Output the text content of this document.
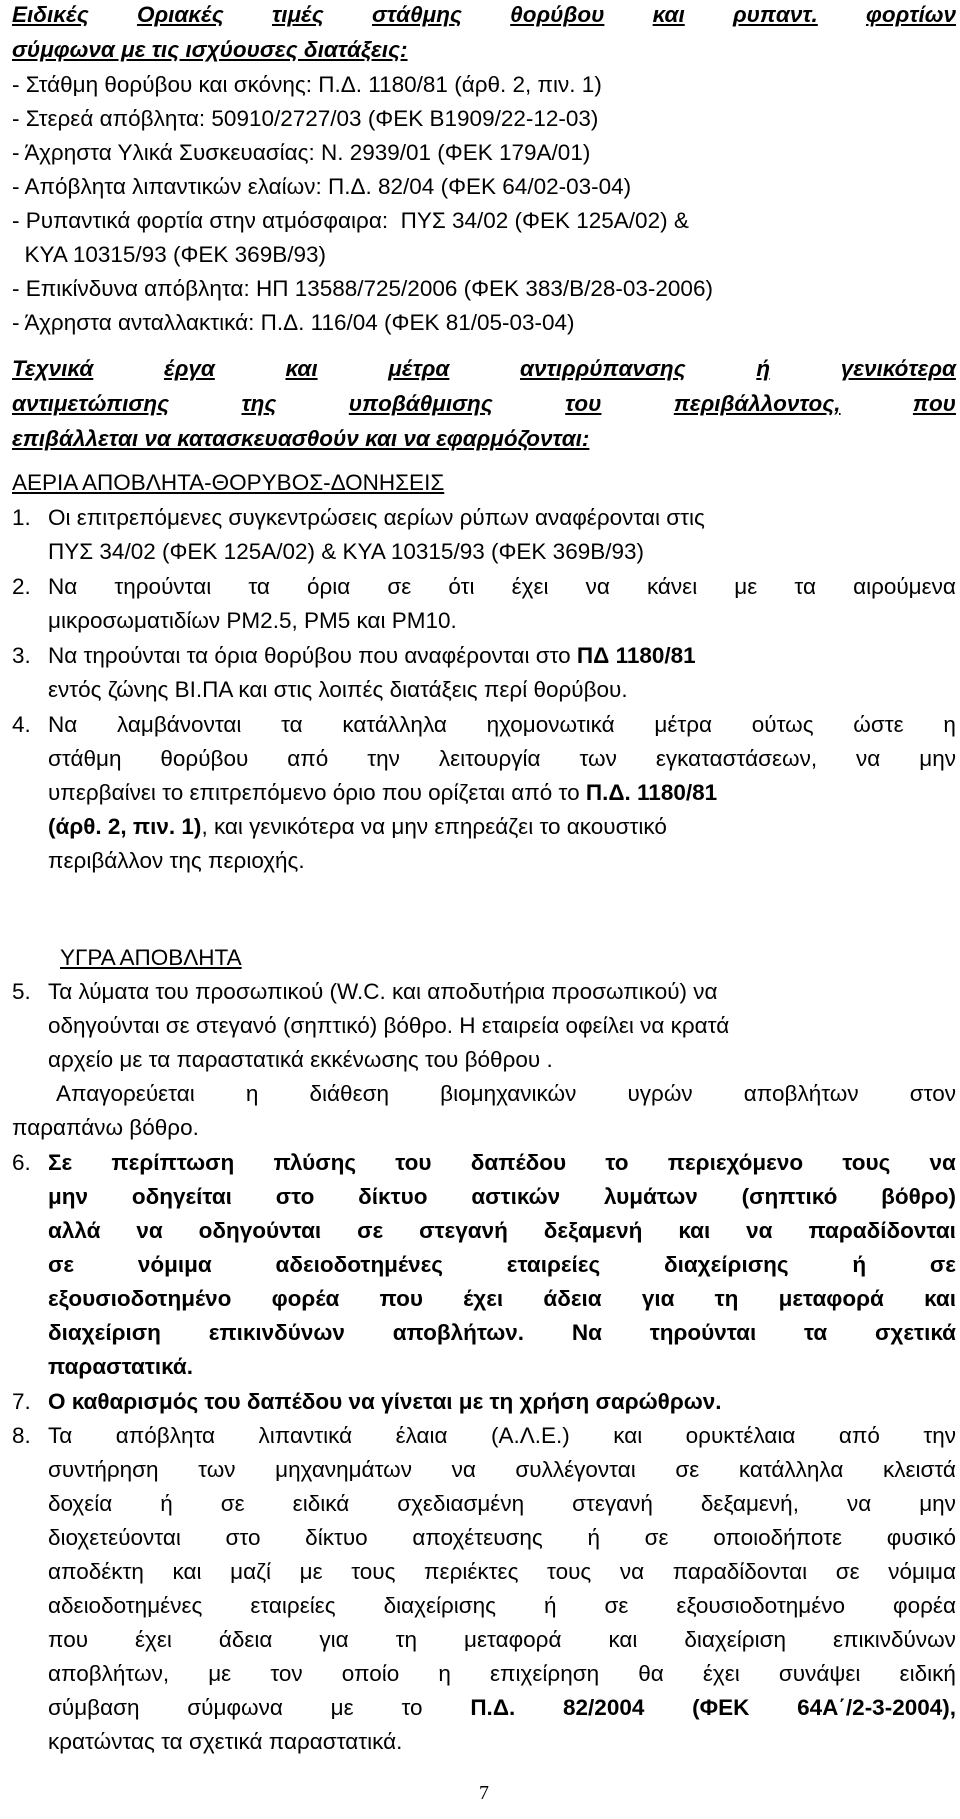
Ειδικές Οριακές τιμές στάθμης θορύβου και ρυπαντ. φορτίων
σύμφωνα με τις ισχύουσες διατάξεις:
- Στάθμη θορύβου και σκόνης: Π.Δ. 1180/81 (άρθ. 2, πιν. 1)
- Στερεά απόβλητα: 50910/2727/03 (ΦΕΚ Β1909/22-12-03)
- Άχρηστα Υλικά Συσκευασίας: Ν. 2939/01 (ΦΕΚ 179Α/01)
- Απόβλητα λιπαντικών ελαίων: Π.Δ. 82/04 (ΦΕΚ 64/02-03-04)
- Ρυπαντικά φορτία στην ατμόσφαιρα:  ΠΥΣ 34/02 (ΦΕΚ 125Α/02) &
ΚΥΑ 10315/93 (ΦΕΚ 369Β/93)
- Επικίνδυνα απόβλητα: ΗΠ 13588/725/2006 (ΦΕΚ 383/Β/28-03-2006)
- Άχρηστα ανταλλακτικά: Π.Δ. 116/04 (ΦΕΚ 81/05-03-04)
Τεχνικά	έργα	και	μέτρα	αντιρρύπανσης	ή	γενικότερα
αντιμετώπισης	της	υποβάθμισης	του	περιβάλλοντος,	που
επιβάλλεται να κατασκευασθούν και να εφαρμόζονται:
ΑΕΡΙΑ ΑΠΟΒΛΗΤΑ-ΘΟΡΥΒΟΣ-ΔΟΝΗΣΕΙΣ
1. Οι επιτρεπόμενες συγκεντρώσεις αερίων ρύπων αναφέρονται στις
ΠΥΣ 34/02 (ΦΕΚ 125Α/02) & ΚΥΑ 10315/93 (ΦΕΚ 369Β/93)
2. Να τηρούνται τα όρια σε ότι έχει να κάνει με τα αιρούμενα
μικροσωματιδίων PM2.5, PM5 και PM10.
3. Να τηρούνται τα όρια θορύβου που αναφέρονται στο ΠΔ 1180/81
εντός ζώνης ΒΙ.ΠΑ και στις λοιπές διατάξεις περί θορύβου.
4. Να λαμβάνονται τα κατάλληλα ηχομονωτικά μέτρα ούτως ώστε η
στάθμη θορύβου από την λειτουργία των εγκαταστάσεων, να μην
υπερβαίνει το επιτρεπόμενο όριο που ορίζεται από το Π.Δ. 1180/81
(άρθ. 2, πιν. 1), και γενικότερα να μην επηρεάζει το ακουστικό
περιβάλλον της περιοχής.
ΥΓΡΑ ΑΠΟΒΛΗΤΑ
5. Τα λύματα του προσωπικού (W.C. και αποδυτήρια προσωπικού) να
οδηγούνται σε στεγανό (σηπτικό) βόθρο. Η εταιρεία οφείλει να κρατά
αρχείο με τα παραστατικά εκκένωσης του βόθρου .
Απαγορεύεται η διάθεση βιομηχανικών υγρών αποβλήτων στον
παραπάνω βόθρο.
6. Σε περίπτωση πλύσης του δαπέδου το περιεχόμενο τους να
μην οδηγείται στο δίκτυο αστικών λυμάτων (σηπτικό βόθρο)
αλλά να οδηγούνται σε στεγανή δεξαμενή και να παραδίδονται
σε	νόμιμα	αδειοδοτημένες	εταιρείες	διαχείρισης	ή	σε
εξουσιοδοτημένο φορέα που έχει άδεια για τη μεταφορά και
διαχείριση επικινδύνων αποβλήτων. Να τηρούνται τα σχετικά
παραστατικά.
7. Ο καθαρισμός του δαπέδου να γίνεται με τη χρήση σαρώθρων.
8. Τα απόβλητα λιπαντικά έλαια (Α.Λ.Ε.) και ορυκτέλαια από την
συντήρηση των μηχανημάτων να συλλέγονται σε κατάλληλα κλειστά
δοχεία ή σε ειδικά σχεδιασμένη στεγανή δεξαμενή, να μην
διοχετεύονται στο δίκτυο αποχέτευσης ή σε οποιοδήποτε φυσικό
αποδέκτη και μαζί με τους περιέκτες τους να παραδίδονται σε νόμιμα
αδειοδοτημένες εταιρείες διαχείρισης ή σε εξουσιοδοτημένο φορέα
που έχει άδεια για τη μεταφορά και διαχείριση επικινδύνων
αποβλήτων, με τον οποίο η επιχείρηση θα έχει συνάψει ειδική
σύμβαση σύμφωνα με το Π.Δ. 82/2004 (ΦΕΚ 64Α΄/2-3-2004),
κρατώντας τα σχετικά παραστατικά.
7
